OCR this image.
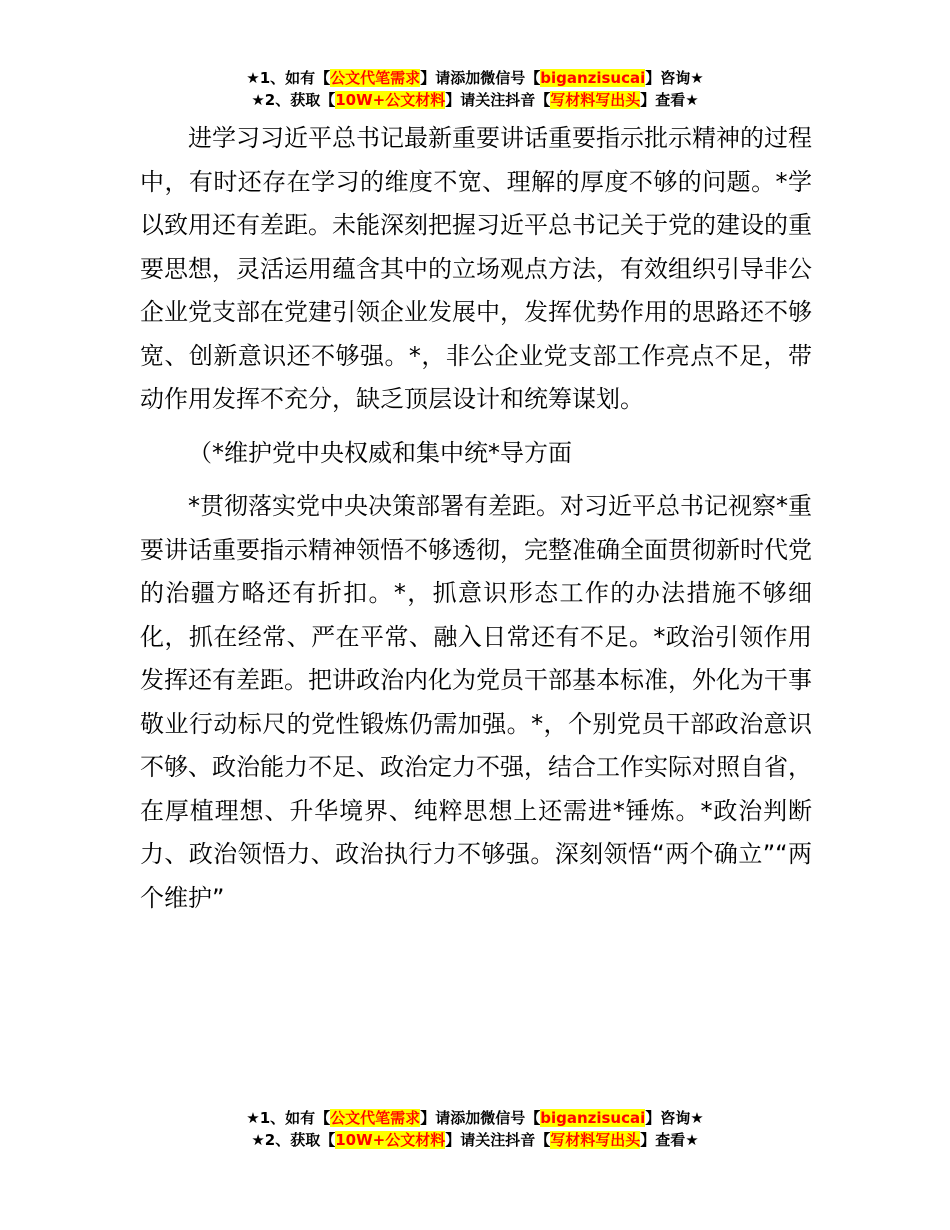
★1、如有【公文代笔需求】请添加微信号【biganzisucai】咨询★
★2、获取【10W+公文材料】请关注抖音【写材料写出头】查看★

进学习习近平总书记最新重要讲话重要指示批示精神的过程中，有时还存在学习的维度不宽、理解的厚度不够的问题。*学以致用还有差距。未能深刻把握习近平总书记关于党的建设的重要思想，灵活运用蕴含其中的立场观点方法，有效组织引导非公企业党支部在党建引领企业发展中，发挥优势作用的思路还不够宽、创新意识还不够强。*，非公企业党支部工作亮点不足，带动作用发挥不充分，缺乏顶层设计和统筹谋划。

（*维护党中央权威和集中统*导方面

*贯彻落实党中央决策部署有差距。对习近平总书记视察*重要讲话重要指示精神领悟不够透彻，完整准确全面贯彻新时代党的治疆方略还有折扣。*，抓意识形态工作的办法措施不够细化，抓在经常、严在平常、融入日常还有不足。*政治引领作用发挥还有差距。把讲政治内化为党员干部基本标准，外化为干事敬业行动标尺的党性锻炼仍需加强。*，个别党员干部政治意识不够、政治能力不足、政治定力不强，结合工作实际对照自省，在厚植理想、升华境界、纯粹思想上还需进*锤炼。*政治判断力、政治领悟力、政治执行力不够强。深刻领悟“两个确立”“两个维护”

★1、如有【公文代笔需求】请添加微信号【biganzisucai】咨询★
★2、获取【10W+公文材料】请关注抖音【写材料写出头】查看★
